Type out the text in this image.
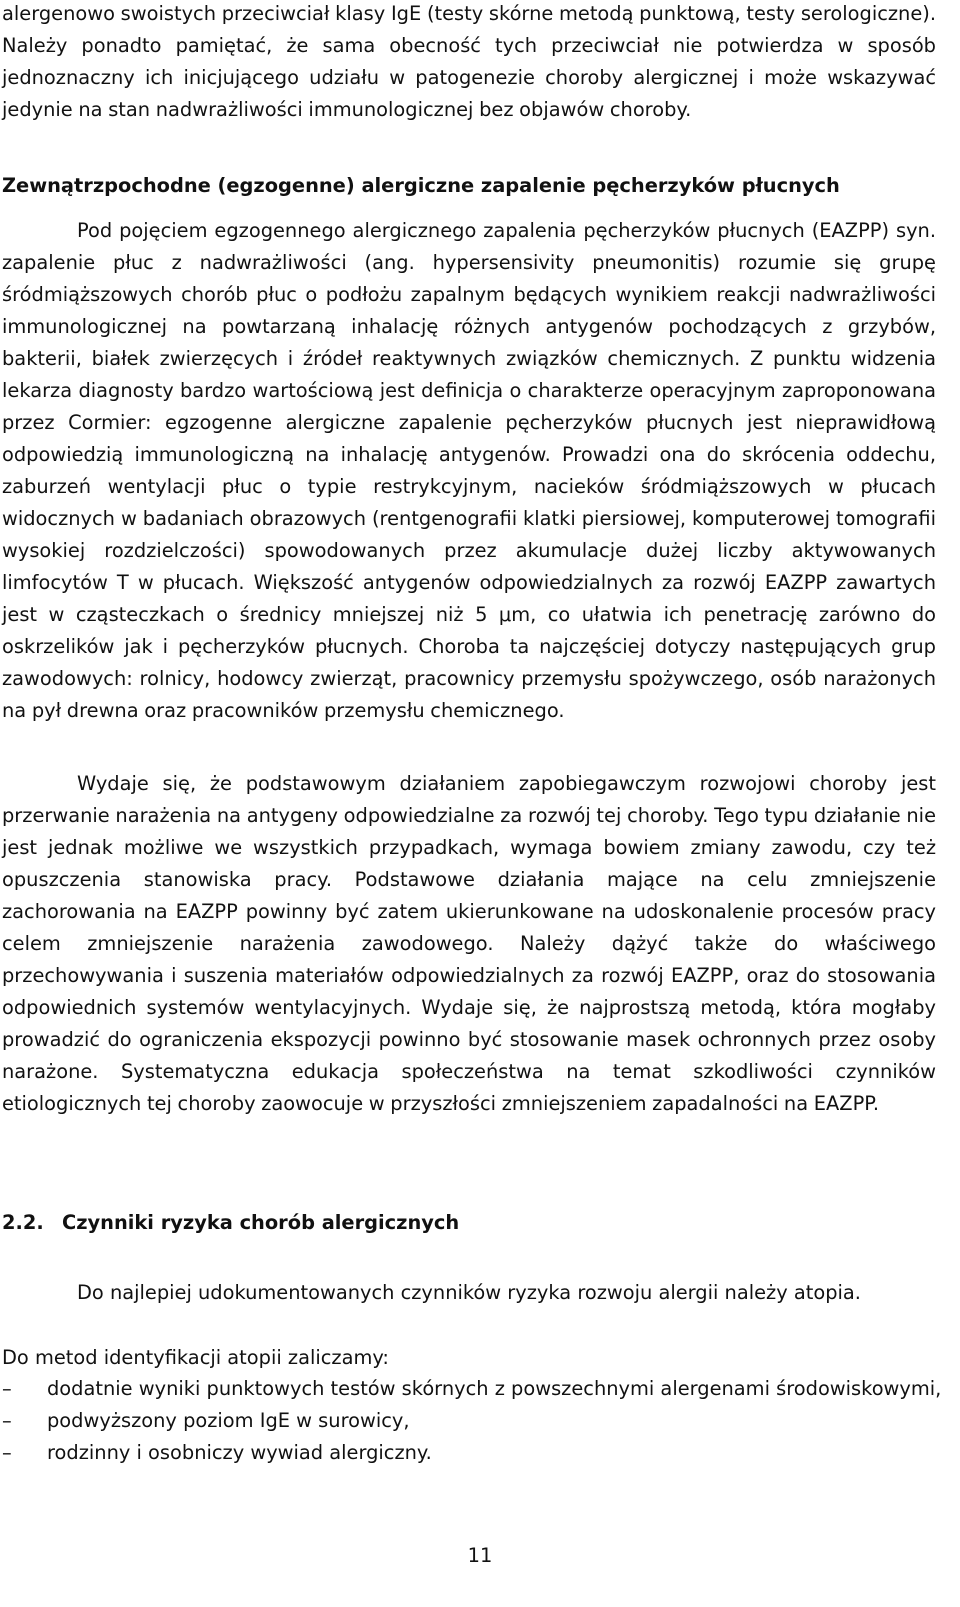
alergenowo swoistych przeciwciał klasy IgE (testy skórne metodą punktową, testy serologiczne). Należy ponadto pamiętać, że sama obecność tych przeciwciał nie potwierdza w sposób jednoznaczny ich inicjującego udziału w patogenezie choroby alergicznej i może wskazywać jedynie na stan nadwrażliwości immunologicznej bez objawów choroby.

Zewnątrzpochodne (egzogenne) alergiczne zapalenie pęcherzyków płucnych

Pod pojęciem egzogennego alergicznego zapalenia pęcherzyków płucnych (EAZPP) syn. zapalenie płuc z nadwrażliwości (ang. hypersensivity pneumonitis) rozumie się grupę śródmiąższowych chorób płuc o podłożu zapalnym będących wynikiem reakcji nadwrażliwości immunologicznej na powtarzaną inhalację różnych antygenów pochodzących z grzybów, bakterii, białek zwierzęcych i źródeł reaktywnych związków chemicznych. Z punktu widzenia lekarza diagnosty bardzo wartościową jest definicja o charakterze operacyjnym zaproponowana przez Cormier: egzogenne alergiczne zapalenie pęcherzyków płucnych jest nieprawidłową odpowiedzią immunologiczną na inhalację antygenów. Prowadzi ona do skrócenia oddechu, zaburzeń wentylacji płuc o typie restrykcyjnym, nacieków śródmiąższowych w płucach widocznych w badaniach obrazowych (rentgenografii klatki piersiowej, komputerowej tomografii wysokiej rozdzielczości) spowodowanych przez akumulacje dużej liczby aktywowanych limfocytów T w płucach. Większość antygenów odpowiedzialnych za rozwój EAZPP zawartych jest w cząsteczkach o średnicy mniejszej niż 5 μm, co ułatwia ich penetrację zarówno do oskrzelików jak i pęcherzyków płucnych. Choroba ta najczęściej dotyczy następujących grup zawodowych: rolnicy, hodowcy zwierząt, pracownicy przemysłu spożywczego, osób narażonych na pył drewna oraz pracowników przemysłu chemicznego.

Wydaje się, że podstawowym działaniem zapobiegawczym rozwojowi choroby jest przerwanie narażenia na antygeny odpowiedzialne za rozwój tej choroby. Tego typu działanie nie jest jednak możliwe we wszystkich przypadkach, wymaga bowiem zmiany zawodu, czy też opuszczenia stanowiska pracy. Podstawowe działania mające na celu zmniejszenie zachorowania na EAZPP powinny być zatem ukierunkowane na udoskonalenie procesów pracy celem zmniejszenie narażenia zawodowego. Należy dążyć także do właściwego przechowywania i suszenia materiałów odpowiedzialnych za rozwój EAZPP, oraz do stosowania odpowiednich systemów wentylacyjnych. Wydaje się, że najprostszą metodą, która mogłaby prowadzić do ograniczenia ekspozycji powinno być stosowanie masek ochronnych przez osoby narażone. Systematyczna edukacja społeczeństwa na temat szkodliwości czynników etiologicznych tej choroby zaowocuje w przyszłości zmniejszeniem zapadalności na EAZPP.

2.2. Czynniki ryzyka chorób alergicznych

Do najlepiej udokumentowanych czynników ryzyka rozwoju alergii należy atopia.

Do metod identyfikacji atopii zaliczamy:

– dodatnie wyniki punktowych testów skórnych z powszechnymi alergenami środowiskowymi,
– podwyższony poziom IgE w surowicy,
– rodzinny i osobniczy wywiad alergiczny.
11
